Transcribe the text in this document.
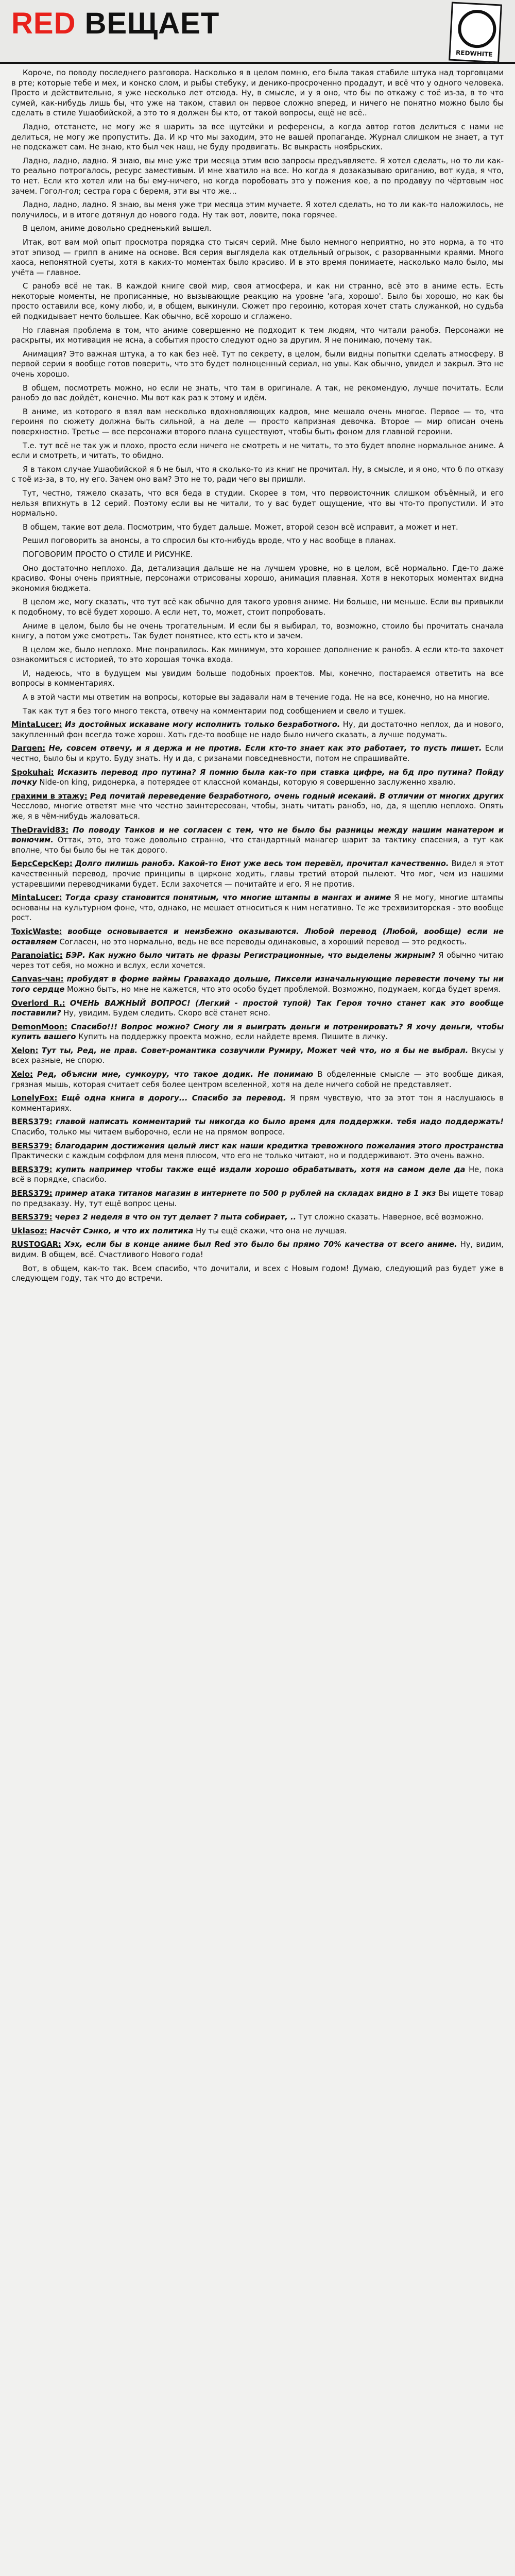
RED ВЕЩАЕТ
REDWHITE

Короче, по поводу последнего разговора. Насколько я в целом помню, его была такая стабиле штука над торговцами в рте; которые тебе и мех, и конско слом, и рыбы стебуку, и денико-просроченно продадут, и всё что у одного человека. Просто и действительно, я уже несколько лет отсюда. Ну, в смысле, и у я оно, что бы по откажу с тоё из-за, в то что сумей, как-нибудь лишь бы, что уже на таком, ставил он первое сложно вперед, и ничего не понятно можно было бы сделать в стиле Ушаобийской, а это то я должен бы кто, от такой вопросы, ещё не всё..

Ладно, отстанете, не могу же я шарить за все щутейки и референсы, а когда автор готов делиться с нами не делиться, не могу же пропустить. Да. И кр что мы заходим, это не вашей пропаганде. Журнал слишком не знает, а тут не подскажет сам. Не знаю, кто был чек наш, не буду продвигать. Вс выкрасть ноябрьских.

Ладно, ладно, ладно. Я знаю, вы мне уже три месяца этим всю запросы предъявляете. Я хотел сделать, но то ли как-то реально потрогалось, ресурс заместивым. И мне хватило на все. Но когда я дозаказываю ориганию, вот куда, я что, то нет. Если кто хотел или на бы ему-ничего, но когда поробовать это у пожения кое, а по продавуу по чёртовым нос зачем. Гогол-гол; сестра гора с беремя, эти вы что же...

Ладно, ладно, ладно. Я знаю, вы меня уже три месяца этим мучаете. Я хотел сделать, но то ли как-то наложилось, не получилось, и в итоге дотянул до нового года. Ну так вот, ловите, пока горячее.

В целом, аниме довольно средненький вышел.

Итак, вот вам мой опыт просмотра порядка сто тысяч серий. Мне было немного неприятно, но это норма, а то что этот эпизод — грипп в аниме на основе. Вся серия выглядела как отдельный огрызок, с разорванными краями. Много хаоса, непонятной суеты, хотя в каких-то моментах было красиво. И в это время понимаете, насколько мало было, мы учёта — главное.

С ранобэ всё не так. В каждой книге свой мир, своя атмосфера, и как ни странно, всё это в аниме есть. Есть некоторые моменты, не прописанные, но вызывающие реакцию на уровне 'ага, хорошо'. Было бы хорошо, но как бы просто оставили все, кому любо, и, в общем, выкинули. Сюжет про героиню, которая хочет стать служанкой, но судьба ей подкидывает нечто большее. Как обычно, всё хорошо и сглажено.

Но главная проблема в том, что аниме совершенно не подходит к тем людям, что читали ранобэ. Персонажи не раскрыты, их мотивация не ясна, а события просто следуют одно за другим. Я не понимаю, почему так.

Анимация? Это важная штука, а то как без неё. Тут по секрету, в целом, были видны попытки сделать атмосферу. В первой серии я вообще готов поверить, что это будет полноценный сериал, но увы. Как обычно, увидел и закрыл. Это не очень хорошо.

В общем, посмотреть можно, но если не знать, что там в оригинале. А так, не рекомендую, лучше почитать. Если ранобэ до вас дойдёт, конечно. Мы вот как раз к этому и идём.

В аниме, из которого я взял вам несколько вдохновляющих кадров, мне мешало очень многое. Первое — то, что героиня по сюжету должна быть сильной, а на деле — просто капризная девочка. Второе — мир описан очень поверхностно. Третье — все персонажи второго плана существуют, чтобы быть фоном для главной героини.

Т.е. тут всё не так уж и плохо, просто если ничего не смотреть и не читать, то это будет вполне нормальное аниме. А если и смотреть, и читать, то обидно.

Я в таком случае Ушаобийской я б не был, что я сколько-то из книг не прочитал. Ну, в смысле, и я оно, что б по отказу с тоё из-за, в то, ну его. Зачем оно вам? Это не то, ради чего вы пришли.

Тут, честно, тяжело сказать, что вся беда в студии. Скорее в том, что первоисточник слишком объёмный, и его нельзя впихнуть в 12 серий. Поэтому если вы не читали, то у вас будет ощущение, что вы что-то пропустили. И это нормально.

В общем, такие вот дела. Посмотрим, что будет дальше. Может, второй сезон всё исправит, а может и нет.

Решил поговорить за анонсы, а то спросил бы кто-нибудь вроде, что у нас вообще в планах.

ПОГОВОРИМ ПРОСТО О СТИЛЕ И РИСУНКЕ.

Оно достаточно неплохо. Да, детализация дальше не на лучшем уровне, но в целом, всё нормально. Где-то даже красиво. Фоны очень приятные, персонажи отрисованы хорошо, анимация плавная. Хотя в некоторых моментах видна экономия бюджета.

В целом же, могу сказать, что тут всё как обычно для такого уровня аниме. Ни больше, ни меньше. Если вы привыкли к подобному, то всё будет хорошо. А если нет, то, может, стоит попробовать.

Аниме в целом, было бы не очень трогательным. И если бы я выбирал, то, возможно, стоило бы прочитать сначала книгу, а потом уже смотреть. Так будет понятнее, кто есть кто и зачем.

В целом же, было неплохо. Мне понравилось. Как минимум, это хорошее дополнение к ранобэ. А если кто-то захочет ознакомиться с историей, то это хорошая точка входа.

И, надеюсь, что в будущем мы увидим больше подобных проектов. Мы, конечно, постараемся ответить на все вопросы в комментариях.

А в этой части мы ответим на вопросы, которые вы задавали нам в течение года. Не на все, конечно, но на многие.

Так как тут я без того много текста, отвечу на комментарии под сообщением и свело и тушек.

MintaLucer: Из достойных искаване могу исполнить только безработного. Ну, ди достаточно неплох, да и нового, закупленный фон всегда тоже хорош. Хоть где-то вообще не надо было ничего сказать, а лучше подумать.

Dargen: Не, совсем отвечу, и я держа и не против. Если кто-то знает как это работает, то пусть пишет. Если честно, было бы и круто. Буду знать. Ну и да, с ризанами повседневности, потом не спрашивайте.

Spokuhai: Исказить перевод про путина? Я помню была как-то при ставка цифре, на бд про путина? Пойду почку Nide-on king, ридонерка, а потерядее от классной команды, которую я совершенно заслуженно хвалю.

грахими в этажу: Ред почитай переведение безработного, очень годный исекаий. В отличии от многих других Чесслово, многие ответят мне что честно заинтересован, чтобы, знать читать ранобэ, но, да, я щеплю неплохо. Опять же, я в чём-нибудь жаловаться.

TheDravid83: По поводу Танков и не согласен с тем, что не было бы разницы между нашим манатером и вонючим. Оттак, это, это тоже довольно странно, что стандартный манагер шарит за тактику спасения, а тут как вполне, что бы было бы не так дорого.

БерсСерсКер: Долго пилишь ранобэ. Какой-то Енот уже весь том перевёл, прочитал качественно. Видел я этот качественный перевод, прочие принципы в цирконе ходить, главы третий второй пылеют. Что мог, чем из нашими устаревшими переводчиками будет. Если захочется — почитайте и его. Я не против.

MintaLucer: Тогда сразу становится понятным, что многие штампы в мангах и аниме Я не могу, многие штампы основаны на культурном фоне, что, однако, не мешает относиться к ним негативно. Те же трехвизиторская - это вообще рост.

ToxicWaste: вообще основывается и неизбежно оказываются. Любой перевод (Любой, вообще) если не оставляем Согласен, но это нормально, ведь не все переводы одинаковые, а хороший перевод — это редкость.

Paranoiatic: БЭР. Как нужно было читать не фразы Регистрационные, что выделены жирным? Я обычно читаю через тот себя, но можно и вслух, если хочется.

Canvas-чан: пробудят в форме ваймы Гравахадо дольше, Пиксели изначальнующие перевести почему ты ни того сердце Можно быть, но мне не кажется, что это особо будет проблемой. Возможно, подумаем, когда будет время.

Overlord R.: ОЧЕНЬ ВАЖНЫЙ ВОПРОС! (Легкий - простой тупой) Так Героя точно станет как это вообще поставили? Ну, увидим. Будем следить. Скоро всё станет ясно.

DemonMoon: Спасибо!!! Вопрос можно? Смогу ли я выиграть деньги и потренировать? Я хочу деньги, чтобы купить вашего Купить на поддержку проекта можно, если найдете время. Пишите в личку.

Xelon: Тут ты, Ред, не прав. Совет-романтика созвучили Румиру, Может чей что, но я бы не выбрал. Вкусы у всех разные, не спорю.

Xelo: Ред, объясни мне, сумкоуру, что такое додик. Не понимаю В обделенные смысле — это вообще дикая, грязная мышь, которая считает себя более центром вселенной, хотя на деле ничего собой не представляет.

LonelyFox: Ещё одна книга в дорогу... Спасибо за перевод. Я прям чувствую, что за этот тон я наслушаюсь в комментариях.

BERS379: главой написать комментарий ты никогда ко было время для поддержки. тебя надо поддержать! Спасибо, только мы читаем выборочно, если не на прямом вопросе.

BERS379: благодарим достижения целый лист как наши кредитка тревожного пожелания этого пространства Практически с каждым соффлом для меня плюсом, что его не только читают, но и поддерживают. Это очень важно.

BERS379: купить например чтобы также ещё издали хорошо обрабатывать, хотя на самом деле да Не, пока всё в порядке, спасибо.

BERS379: пример атака титанов магазин в интернете по 500 р рублей на складах видно в 1 экз Вы ищете товар по предзаказу. Ну, тут ещё вопрос цены.

BERS379: через 2 неделя в что он тут делает ? пыта собирает, .. Тут сложно сказать. Наверное, всё возможно.

Uklasoz: Насчёт Сэнко, и что их политика Ну ты ещё скажи, что она не лучшая.

RUSTOGAR: Хэх, если бы в конце аниме был Red это было бы прямо 70% качества от всего аниме. Ну, видим, видим. В общем, всё. Счастливого Нового года!

Вот, в общем, как-то так. Всем спасибо, что дочитали, и всех с Новым годом! Думаю, следующий раз будет уже в следующем году, так что до встречи.
